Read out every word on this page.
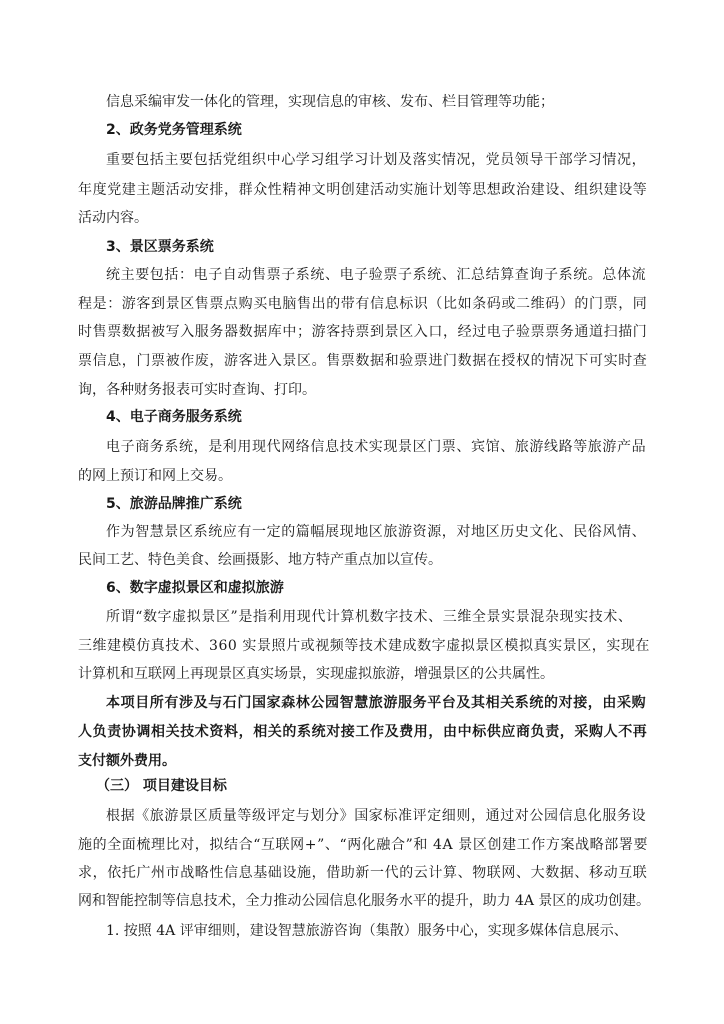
信息采编审发一体化的管理，实现信息的审核、发布、栏目管理等功能；
2、政务党务管理系统
重要包括主要包括党组织中心学习组学习计划及落实情况，党员领导干部学习情况，
年度党建主题活动安排，群众性精神文明创建活动实施计划等思想政治建设、组织建设等
活动内容。
3、景区票务系统
统主要包括：电子自动售票子系统、电子验票子系统、汇总结算查询子系统。总体流
程是：游客到景区售票点购买电脑售出的带有信息标识（比如条码或二维码）的门票，同
时售票数据被写入服务器数据库中；游客持票到景区入口，经过电子验票票务通道扫描门
票信息，门票被作废，游客进入景区。售票数据和验票进门数据在授权的情况下可实时查
询，各种财务报表可实时查询、打印。
4、电子商务服务系统
电子商务系统，是利用现代网络信息技术实现景区门票、宾馆、旅游线路等旅游产品
的网上预订和网上交易。
5、旅游品牌推广系统
作为智慧景区系统应有一定的篇幅展现地区旅游资源，对地区历史文化、民俗风情、
民间工艺、特色美食、绘画摄影、地方特产重点加以宣传。
6、数字虚拟景区和虚拟旅游
所谓“数字虚拟景区”是指利用现代计算机数字技术、三维全景实景混杂现实技术、
三维建模仿真技术、360 实景照片或视频等技术建成数字虚拟景区模拟真实景区，实现在
计算机和互联网上再现景区真实场景，实现虚拟旅游，增强景区的公共属性。
本项目所有涉及与石门国家森林公园智慧旅游服务平台及其相关系统的对接，由采购
人负责协调相关技术资料，相关的系统对接工作及费用，由中标供应商负责，采购人不再
支付额外费用。
（三） 项目建设目标
根据《旅游景区质量等级评定与划分》国家标准评定细则，通过对公园信息化服务设
施的全面梳理比对，拟结合“互联网+”、“两化融合”和 4A 景区创建工作方案战略部署要
求，依托广州市战略性信息基础设施，借助新一代的云计算、物联网、大数据、移动互联
网和智能控制等信息技术，全力推动公园信息化服务水平的提升，助力 4A 景区的成功创建。
1. 按照 4A 评审细则，建设智慧旅游咨询（集散）服务中心，实现多媒体信息展示、
